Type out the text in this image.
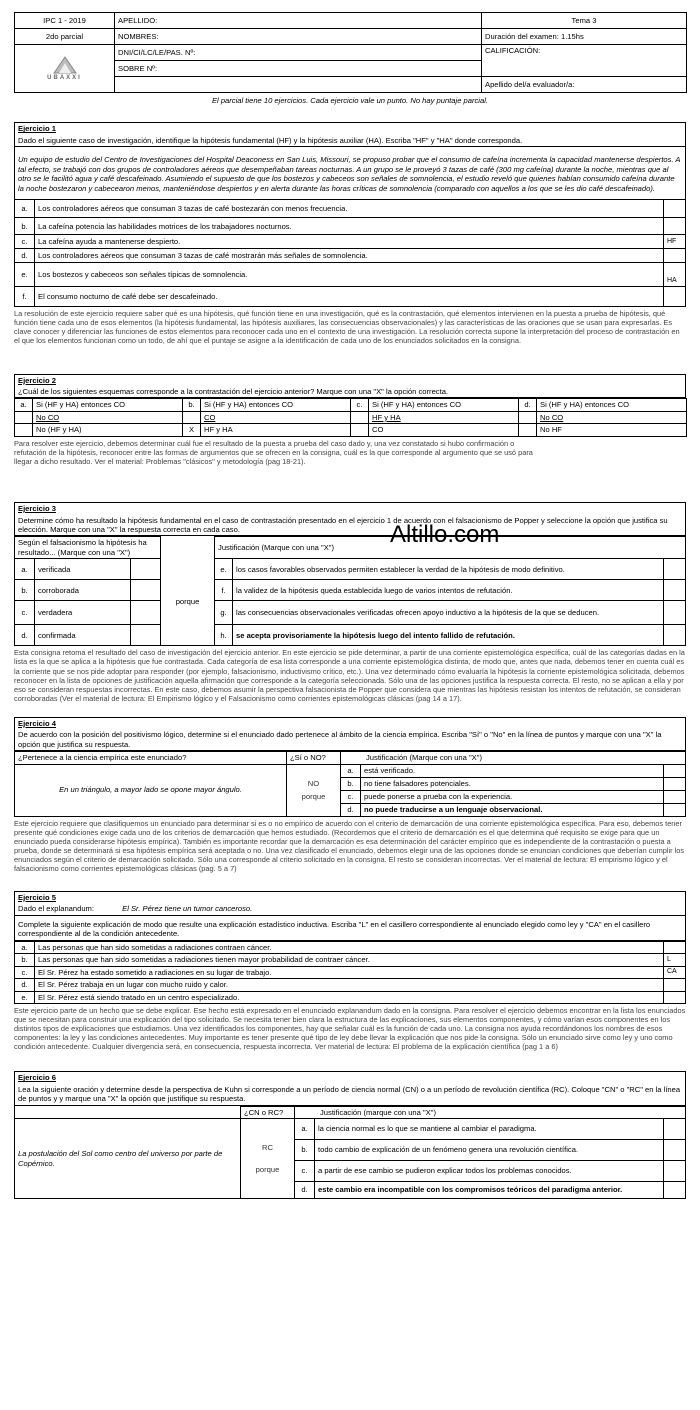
IPC 1 - 2019	APELLIDO:	Tema 3
2do parcial	NOMBRES:	Duración del examen: 1.15hs

UBAXXI	DNI/CI/LC/LE/PAS. Nº:	CALIFICACIÓN:
	SOBRE Nº:	
		Apellido del/a evaluador/a:
El parcial tiene 10 ejercicios. Cada ejercicio vale un punto. No hay puntaje parcial.
Ejercicio 1
Dado el siguiente caso de investigación, identifique la hipótesis fundamental (HF) y la hipótesis auxiliar (HA). Escriba "HF" y "HA" donde corresponda.
Un equipo de estudio del Centro de Investigaciones del Hospital Deaconess en San Luis, Missouri, se propuso probar que el consumo de cafeína incrementa la capacidad mantenerse despiertos. A tal efecto, se trabajó con dos grupos de controladores aéreos que desempeñaban tareas nocturnas. A un grupo se le proveyó 3 tazas de café (300 mg cafeína) durante la noche, mientras que al otro se le facilitó agua y café descafeinado. Asumiendo el supuesto de que los bostezos y cabeceos son señales de somnolencia, el estudio reveló que quienes habían consumido cafeína durante la noche bostezaron y cabecearon menos, manteniéndose despiertos y en alerta durante las horas críticas de somnolencia (comparado con aquellos a los que se les dio café descafeinado).
a.	Los controladores aéreos que consuman 3 tazas de café bostezarán con menos frecuencia.	
b.	La cafeína potencia las habilidades motrices de los trabajadores nocturnos.	
c.	La cafeína ayuda a mantenerse despierto.	HF
d.	Los controladores aéreos que consuman 3 tazas de café mostrarán más señales de somnolencia.	
e.	Los bostezos y cabeceos son señales típicas de somnolencia.	HA
f.	El consumo nocturno de café debe ser descafeinado.	

La resolución de este ejercicio requiere saber qué es una hipótesis, qué función tiene en una investigación, qué es la contrastación, qué elementos intervienen en la puesta a prueba de hipótesis, qué función tiene cada uno de esos elementos (la hipótesis fundamental, las hipótesis auxiliares, las consecuencias observacionales) y las características de las oraciones que se usan para expresarlas. Es clave conocer y diferenciar las funciones de estos elementos para reconocer cada uno en el contexto de una investigación. La resolución correcta supone la interpretación del proceso de contrastación en el que los elementos funcionan como un todo, de ahí que el puntaje se asigne a la identificación de cada uno de los enunciados solicitados en la consigna.

Ejercicio 2
¿Cuál de los siguientes esquemas corresponde a la contrastación del ejercicio anterior? Marque con una "X" la opción correcta.
a.	Si (HF y HA) entonces CO	b.	Si (HF y HA) entonces CO	c.	Si (HF y HA) entonces CO	d.	Si (HF y HA) entonces CO
	No CO		CO		HF y HA		No CO
	No (HF y HA)	X	HF y HA		CO		No HF

Para resolver este ejercicio, debemos determinar cuál fue el resultado de la puesta a prueba del caso dado y, una vez constatado si hubo confirmación o refutación de la hipótesis, reconocer entre las formas de argumentos que se ofrecen en la consigna, cuál es la que corresponde al argumento que se usó para llegar a dicho resultado. Ver el material: Problemas "clásicos" y metodología (pag 18-21).

Ejercicio 3
Determine cómo ha resultado la hipótesis fundamental en el caso de contrastación presentado en el ejercicio 1 de acuerdo con el falsacionismo de Popper y seleccione la opción que justifica su elección. Marque con una "X" la respuesta correcta en cada caso.
Según el falsacionismo la hipótesis ha resultado... (Marque con una "X")				Justificación (Marque con una "X")		
a.	verificada		porque	e.	los casos favorables observados permiten establecer la verdad de la hipótesis de modo definitivo.	
b.	corroborada			f.	la validez de la hipótesis queda establecida luego de varios intentos de refutación.	
c.	verdadera			g.	las consecuencias observacionales verificadas ofrecen apoyo inductivo a la hipótesis de la que se deducen.	
d.	confirmada			h.	se acepta provisoriamente la hipótesis luego del intento fallido de refutación.	

Esta consigna retoma el resultado del caso de investigación del ejercicio anterior. En este ejercicio se pide determinar, a partir de una corriente epistemológica específica, cuál de las categorías dadas en la lista es la que se aplica a la hipótesis que fue contrastada. Cada categoría de esa lista corresponde a una corriente epistemológica distinta, de modo que, antes que nada, debemos tener en cuenta cuál es la corriente que se nos pide adoptar para responder (por ejemplo, falsacionismo, inductivismo crítico, etc.). Una vez determinado cómo evaluaría la hipótesis la corriente epistemológica solicitada, debemos reconocer en la lista de opciones de justificación aquella afirmación que corresponde a la categoría seleccionada. Sólo una de las opciones justifica la respuesta correcta. El resto, no se aplican a ella y por eso se consideran respuestas incorrectas. En este caso, debemos asumir la perspectiva falsacionista de Popper que considera que mientras las hipótesis resistan los intentos de refutación, se consideran corroboradas (Ver el material de lectura: El Empirismo lógico y el Falsacionismo como corrientes epistemológicas clásicas (pag 14 a 17).

Ejercicio 4
De acuerdo con la posición del positivismo lógico, determine si el enunciado dado pertenece al ámbito de la ciencia empírica. Escriba "Sí" o "No" en la línea de puntos y marque con una "X" la opción que justifica su respuesta.
¿Pertenece a la ciencia empírica este enunciado?	¿Sí o NO?	Justificación (Marque con una "X")		
En un triángulo, a mayor lado se opone mayor ángulo.	NO
porque	a.	está verificado.	
		b.	no tiene falsadores potenciales.	
		c.	puede ponerse a prueba con la experiencia.	
		d.	no puede traducirse a un lenguaje observacional.	

Este ejercicio requiere que clasifiquemos un enunciado para determinar si es o no empírico de acuerdo con el criterio de demarcación de una corriente epistemológica específica. Para eso, debemos tener presente qué condiciones exige cada uno de los criterios de demarcación que hemos estudiado. (Recordemos que el criterio de demarcación es el que determina qué requisito se exige para que un enunciado pueda considerarse hipótesis empírica). También es importante recordar que la demarcación es esa determinación del carácter empírico que es independiente de la contrastación o puesta a prueba, donde se determinará si esa hipótesis empírica será aceptada o no. Una vez clasificado el enunciado, debemos elegir una de las opciones donde se enuncian condiciones que deberían cumplir los enunciados según el criterio de demarcación solicitado. Sólo una corresponde al criterio solicitado en la consigna. El resto se consideran incorrectas. Ver el material de lectura: El empirismo lógico y el falsacionismo como corrientes epistemológicas clásicas (pag. 5 a 7)

Ejercicio 5
Dado el explanandum:	El Sr. Pérez tiene un tumor canceroso.
Complete la siguiente explicación de modo que resulte una explicación estadístico inductiva. Escriba "L" en el casillero correspondiente al enunciado elegido como ley y "CA" en el casillero correspondiente al de la condición antecedente.
a.	Las personas que han sido sometidas a radiaciones contraen cáncer.	
b.	Las personas que han sido sometidas a radiaciones tienen mayor probabilidad de contraer cáncer.	L
c.	El Sr. Pérez ha estado sometido a radiaciones en su lugar de trabajo.	CA
d.	El Sr. Pérez trabaja en un lugar con mucho ruido y calor.	
e.	El Sr. Pérez está siendo tratado en un centro especializado.	

Este ejercicio parte de un hecho que se debe explicar. Ese hecho está expresado en el enunciado explanandum dado en la consigna. Para resolver el ejercicio debemos encontrar en la lista los enunciados que se necesitan para construir una explicación del tipo solicitado. Se necesita tener bien clara la estructura de las explicaciones, sus elementos componentes, y cómo varían esos componentes en los distintos tipos de explicaciones que estudiamos. Una vez identificados los componentes, hay que señalar cuál es la función de cada uno. La consigna nos ayuda recordándonos los nombres de esos componentes: la ley y las condiciones antecedentes. Muy importante es tener presente qué tipo de ley debe llevar la explicación que nos pide la consigna. Sólo un enunciado sirve como ley y uno como condición antecedente. Cualquier divergencia será, en consecuencia, respuesta incorrecta. Ver material de lectura: El problema de la explicación científica (pag 1 a 6)

Ejercicio 6
Lea la siguiente oración y determine desde la perspectiva de Kuhn si corresponde a un período de ciencia normal (CN) o a un período de revolución científica (RC). Coloque "CN" o "RC" en la línea de puntos y y marque una "X" la opción que justifique su respuesta.
	¿CN o RC?	Justificación (marque con una "X")		
La postulación del Sol como centro del universo por parte de Copérnico.	RC
porque	a.	la ciencia normal es lo que se mantiene al cambiar el paradigma.	
		b.	todo cambio de explicación de un fenómeno genera una revolución científica.	
		c.	a partir de ese cambio se pudieron explicar todos los problemas conocidos.	
		d.	este cambio era incompatible con los compromisos teóricos del paradigma anterior.	
Altillo.com
